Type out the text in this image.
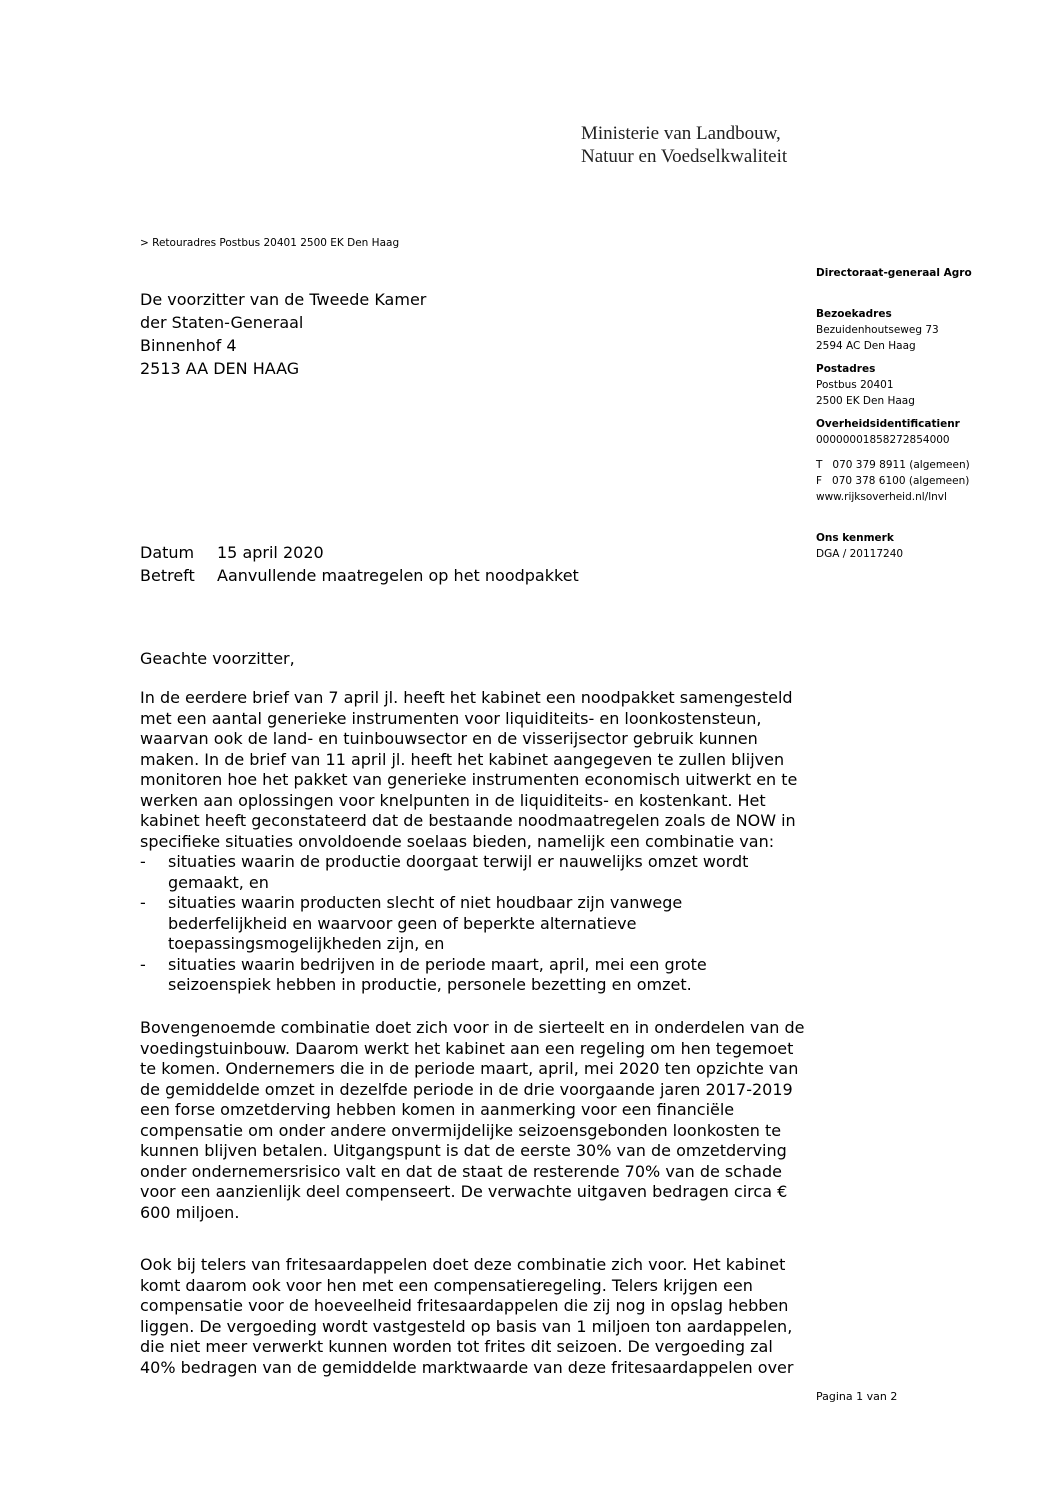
Ministerie van Landbouw,
Natuur en Voedselkwaliteit
> Retouradres Postbus 20401 2500 EK Den Haag
De voorzitter van de Tweede Kamer
der Staten-Generaal
Binnenhof 4
2513 AA DEN HAAG
Directoraat-generaal Agro
Bezoekadres
Bezuidenhoutseweg 73
2594 AC Den Haag
Postadres
Postbus 20401
2500 EK Den Haag
Overheidsidentificatienr
00000001858272854000
T   070 379 8911 (algemeen)
F   070 378 6100 (algemeen)
www.rijksoverheid.nl/lnvl
Ons kenmerk
DGA / 20117240
Datum	15 april 2020
Betreft	Aanvullende maatregelen op het noodpakket
Geachte voorzitter,
In de eerdere brief van 7 april jl. heeft het kabinet een noodpakket samengesteld
met een aantal generieke instrumenten voor liquiditeits- en loonkostensteun,
waarvan ook de land- en tuinbouwsector en de visserijsector gebruik kunnen
maken. In de brief van 11 april jl. heeft het kabinet aangegeven te zullen blijven
monitoren hoe het pakket van generieke instrumenten economisch uitwerkt en te
werken aan oplossingen voor knelpunten in de liquiditeits- en kostenkant. Het
kabinet heeft geconstateerd dat de bestaande noodmaatregelen zoals de NOW in
specifieke situaties onvoldoende soelaas bieden, namelijk een combinatie van:
-	situaties waarin de productie doorgaat terwijl er nauwelijks omzet wordt
gemaakt, en
-	situaties waarin producten slecht of niet houdbaar zijn vanwege
bederfelijkheid en waarvoor geen of beperkte alternatieve
toepassingsmogelijkheden zijn, en
-	situaties waarin bedrijven in de periode maart, april, mei een grote
seizoenspiek hebben in productie, personele bezetting en omzet.
Bovengenoemde combinatie doet zich voor in de sierteelt en in onderdelen van de
voedingstuinbouw. Daarom werkt het kabinet aan een regeling om hen tegemoet
te komen. Ondernemers die in de periode maart, april, mei 2020 ten opzichte van
de gemiddelde omzet in dezelfde periode in de drie voorgaande jaren 2017-2019
een forse omzetderving hebben komen in aanmerking voor een financiële
compensatie om onder andere onvermijdelijke seizoensgebonden loonkosten te
kunnen blijven betalen. Uitgangspunt is dat de eerste 30% van de omzetderving
onder ondernemersrisico valt en dat de staat de resterende 70% van de schade
voor een aanzienlijk deel compenseert. De verwachte uitgaven bedragen circa €
600 miljoen.
Ook bij telers van fritesaardappelen doet deze combinatie zich voor. Het kabinet
komt daarom ook voor hen met een compensatieregeling. Telers krijgen een
compensatie voor de hoeveelheid fritesaardappelen die zij nog in opslag hebben
liggen. De vergoeding wordt vastgesteld op basis van 1 miljoen ton aardappelen,
die niet meer verwerkt kunnen worden tot frites dit seizoen. De vergoeding zal
40% bedragen van de gemiddelde marktwaarde van deze fritesaardappelen over
Pagina 1 van 2
